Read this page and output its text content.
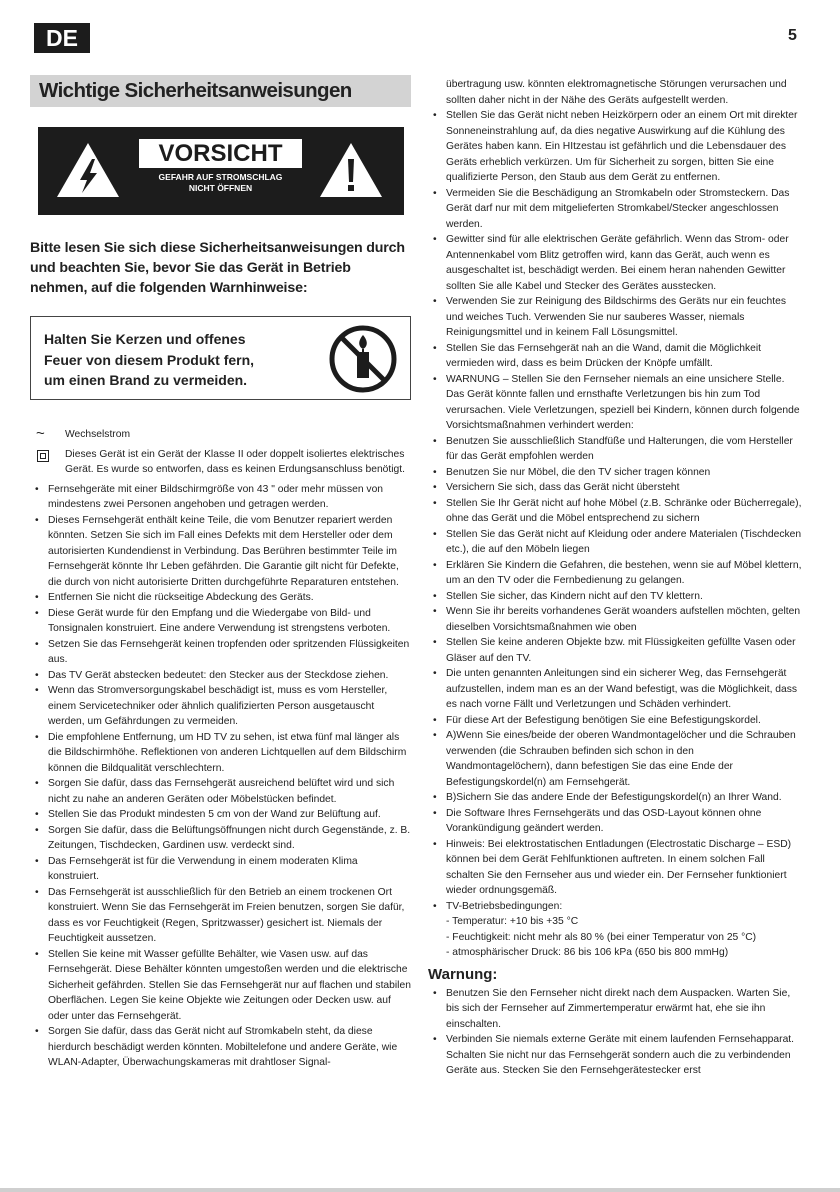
DE	5
Wichtige Sicherheitsanweisungen
VORSICHT
GEFAHR AUF STROMSCHLAG
NICHT ÖFFNEN
Bitte lesen Sie sich diese Sicherheitsanweisungen durch und beachten Sie, bevor Sie das Gerät in Betrieb nehmen, auf die folgenden Warnhinweise:
Halten Sie Kerzen und offenes
Feuer von diesem Produkt fern,
um einen Brand zu vermeiden.
~ Wechselstrom
Dieses Gerät ist ein Gerät der Klasse II oder doppelt isoliertes elektrisches Gerät. Es wurde so entworfen, dass es keinen Erdungsanschluss benötigt.
• Fernsehgeräte mit einer Bildschirmgröße von 43 " oder mehr müssen von mindestens zwei Personen angehoben und getragen werden.
• Dieses Fernsehgerät enthält keine Teile, die vom Benutzer repariert werden könnten. Setzen Sie sich im Fall eines Defekts mit dem Hersteller oder dem autorisierten Kundendienst in Verbindung. Das Berühren bestimmter Teile im Fernsehgerät könnte Ihr Leben gefährden. Die Garantie gilt nicht für Defekte, die durch von nicht autorisierte Dritten durchgeführte Reparaturen entstehen.
• Entfernen Sie nicht die rückseitige Abdeckung des Geräts.
• Diese Gerät wurde für den Empfang und die Wiedergabe von Bild- und Tonsignalen konstruiert. Eine andere Verwendung ist strengstens verboten.
• Setzen Sie das Fernsehgerät keinen tropfenden oder spritzenden Flüssigkeiten aus.
• Das TV Gerät abstecken bedeutet: den Stecker aus der Steckdose ziehen.
• Wenn das Stromversorgungskabel beschädigt ist, muss es vom Hersteller, einem Servicetechniker oder ähnlich qualifizierten Person ausgetauscht werden, um Gefährdungen zu vermeiden.
• Die empfohlene Entfernung, um HD TV zu sehen, ist etwa fünf mal länger als die Bildschirmhöhe. Reflektionen von anderen Lichtquellen auf dem Bildschirm können die Bildqualität verschlechtern.
• Sorgen Sie dafür, dass das Fernsehgerät ausreichend belüftet wird und sich nicht zu nahe an anderen Geräten oder Möbelstücken befindet.
• Stellen Sie das Produkt mindesten 5 cm von der Wand zur Belüftung auf.
• Sorgen Sie dafür, dass die Belüftungsöffnungen nicht durch Gegenstände, z. B. Zeitungen, Tischdecken, Gardinen usw. verdeckt sind.
• Das Fernsehgerät ist für die Verwendung in einem moderaten Klima konstruiert.
• Das Fernsehgerät ist ausschließlich für den Betrieb an einem trockenen Ort konstruiert. Wenn Sie das Fernsehgerät im Freien benutzen, sorgen Sie dafür, dass es vor Feuchtigkeit (Regen, Spritzwasser) gesichert ist. Niemals der Feuchtigkeit aussetzen.
• Stellen Sie keine mit Wasser gefüllte Behälter, wie Vasen usw. auf das Fernsehgerät. Diese Behälter könnten umgestoßen werden und die elektrische Sicherheit gefährden. Stellen Sie das Fernsehgerät nur auf flachen und stabilen Oberflächen. Legen Sie keine Objekte wie Zeitungen oder Decken usw. auf oder unter das Fernsehgerät.
• Sorgen Sie dafür, dass das Gerät nicht auf Stromkabeln steht, da diese hierdurch beschädigt werden könnten. Mobiltelefone und andere Geräte, wie WLAN-Adapter, Überwachungskameras mit drahtloser Signal-
übertragung usw. könnten elektromagnetische Störungen verursachen und sollten daher nicht in der Nähe des Geräts aufgestellt werden.
• Stellen Sie das Gerät nicht neben Heizkörpern oder an einem Ort mit direkter Sonneneinstrahlung auf, da dies negative Auswirkung auf die Kühlung des Gerätes haben kann. Ein HItzestau ist gefährlich und die Lebensdauer des Geräts erheblich verkürzen. Um für Sicherheit zu sorgen, bitten Sie eine qualifizierte Person, den Staub aus dem Gerät zu entfernen.
• Vermeiden Sie die Beschädigung an Stromkabeln oder Stromsteckern. Das Gerät darf nur mit dem mitgelieferten Stromkabel/Stecker angeschlossen werden.
• Gewitter sind für alle elektrischen Geräte gefährlich. Wenn das Strom- oder Antennenkabel vom Blitz getroffen wird, kann das Gerät, auch wenn es ausgeschaltet ist, beschädigt werden. Bei einem heran nahenden Gewitter sollten Sie alle Kabel und Stecker des Gerätes ausstecken.
• Verwenden Sie zur Reinigung des Bildschirms des Geräts nur ein feuchtes und weiches Tuch. Verwenden Sie nur sauberes Wasser, niemals Reinigungsmittel und in keinem Fall Lösungsmittel.
• Stellen Sie das Fernsehgerät nah an die Wand, damit die Möglichkeit vermieden wird, dass es beim Drücken der Knöpfe umfällt.
• WARNUNG – Stellen Sie den Fernseher niemals an eine unsichere Stelle. Das Gerät könnte fallen und ernsthafte Verletzungen bis hin zum Tod verursachen. Viele Verletzungen, speziell bei Kindern, können durch folgende Vorsichtsmaßnahmen verhindert werden:
• Benutzen Sie ausschließlich Standfüße und Halterungen, die vom Hersteller für das Gerät empfohlen werden
• Benutzen Sie nur Möbel, die den TV sicher tragen können
• Versichern Sie sich, dass das Gerät nicht übersteht
• Stellen Sie Ihr Gerät nicht auf hohe Möbel (z.B. Schränke oder Bücherregale), ohne das Gerät und die Möbel entsprechend zu sichern
• Stellen Sie das Gerät nicht auf Kleidung oder andere Materialen (Tischdecken etc.), die auf den Möbeln liegen
• Erklären Sie Kindern die Gefahren, die bestehen, wenn sie auf Möbel klettern, um an den TV oder die Fernbedienung zu gelangen.
• Stellen Sie sicher, das Kindern nicht auf den TV klettern.
• Wenn Sie ihr bereits vorhandenes Gerät woanders aufstellen möchten, gelten dieselben Vorsichtsmaßnahmen wie oben
• Stellen Sie keine anderen Objekte bzw. mit Flüssigkeiten gefüllte Vasen oder Gläser auf den TV.
• Die unten genannten Anleitungen sind ein sicherer Weg, das Fernsehgerät aufzustellen, indem man es an der Wand befestigt, was die Möglichkeit, dass es nach vorne Fällt und Verletzungen und Schäden verhindert.
• Für diese Art der Befestigung benötigen Sie eine Befestigungskordel.
• A)Wenn Sie eines/beide der oberen Wandmontagelöcher und die Schrauben verwenden (die Schrauben befinden sich schon in den Wandmontagelöchern), dann befestigen Sie das eine Ende der Befestigungskordel(n) am Fernsehgerät.
• B)Sichern Sie das andere Ende der Befestigungskordel(n) an Ihrer Wand.
• Die Software Ihres Fernsehgeräts und das OSD-Layout können ohne Vorankündigung geändert werden.
• Hinweis: Bei elektrostatischen Entladungen (Electrostatic Discharge – ESD) können bei dem Gerät Fehlfunktionen auftreten. In einem solchen Fall schalten Sie den Fernseher aus und wieder ein. Der Fernseher funktioniert wieder ordnungsgemäß.
• TV-Betriebsbedingungen:
- Temperatur: +10 bis +35 °C
- Feuchtigkeit: nicht mehr als 80 % (bei einer Temperatur von 25 °C)
- atmosphärischer Druck: 86 bis 106 kPa (650 bis 800 mmHg)
Warnung:
• Benutzen Sie den Fernseher nicht direkt nach dem Auspacken. Warten Sie, bis sich der Fernseher auf Zimmertemperatur erwärmt hat, ehe sie ihn einschalten.
• Verbinden Sie niemals externe Geräte mit einem laufenden Fernsehapparat. Schalten Sie nicht nur das Fernsehgerät sondern auch die zu verbindenden Geräte aus. Stecken Sie den Fernsehgerätestecker erst
